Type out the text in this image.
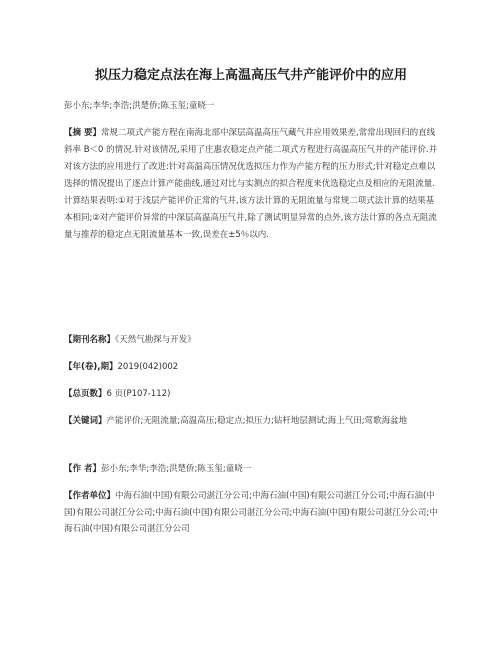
拟压力稳定点法在海上高温高压气井产能评价中的应用
彭小东;李华;李浩;洪楚侨;陈玉玺;童晓一
【摘 要】常规二项式产能方程在南海北部中深层高温高压气藏气井应用效果差,常常出现回归的直线斜率 B＜0 的情况.针对该情况,采用了庄惠农稳定点产能二项式方程进行高温高压气井的产能评价.并对该方法的应用进行了改进:针对高温高压情况优选拟压力作为产能方程的压力形式;针对稳定点难以选择的情况提出了逐点计算产能曲线,通过对比与实测点的拟合程度来优选稳定点及相应的无阻流量.计算结果表明:①对于浅层产能评价正常的气井,该方法计算的无阻流量与常规二项式法计算的结果基本相同;②对产能评价异常的中深层高温高压气井,除了测试明显异常的点外,该方法计算的各点无阻流量与推荐的稳定点无阻流量基本一致,误差在±5％以内.
【期刊名称】《天然气勘探与开发》
【年(卷),期】2019(042)002
【总页数】6 页(P107-112)
【关键词】产能评价;无阻流量;高温高压;稳定点;拟压力;钻杆地层测试;海上气田;莺歌海盆地
【作 者】彭小东;李华;李浩;洪楚侨;陈玉玺;童晓一
【作者单位】中海石油(中国)有限公司湛江分公司;中海石油(中国)有限公司湛江分公司;中海石油(中国)有限公司湛江分公司;中海石油(中国)有限公司湛江分公司;中海石油(中国)有限公司湛江分公司;中海石油(中国)有限公司湛江分公司
